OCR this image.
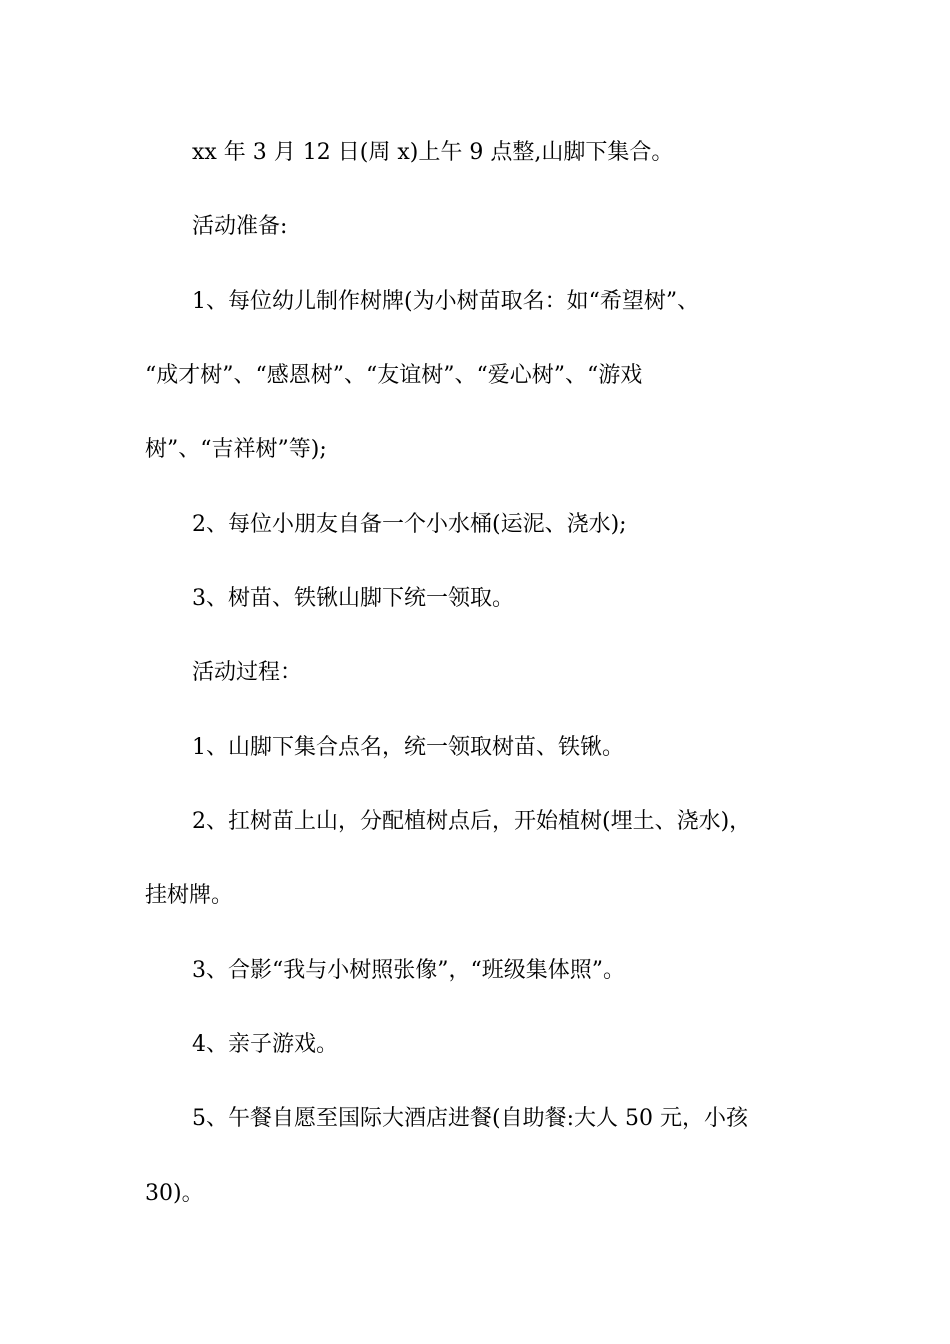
xx 年 3 月 12 日(周 x)上午 9 点整,山脚下集合。
活动准备:
1、每位幼儿制作树牌(为小树苗取名：如“希望树”、
“成才树”、“感恩树”、“友谊树”、“爱心树”、“游戏
树”、“吉祥树”等);
2、每位小朋友自备一个小水桶(运泥、浇水);
3、树苗、铁锹山脚下统一领取。
活动过程：
1、山脚下集合点名，统一领取树苗、铁锹。
2、扛树苗上山，分配植树点后，开始植树(埋土、浇水)，
挂树牌。
3、合影“我与小树照张像”，“班级集体照”。
4、亲子游戏。
5、午餐自愿至国际大酒店进餐(自助餐:大人 50 元，小孩
30)。
